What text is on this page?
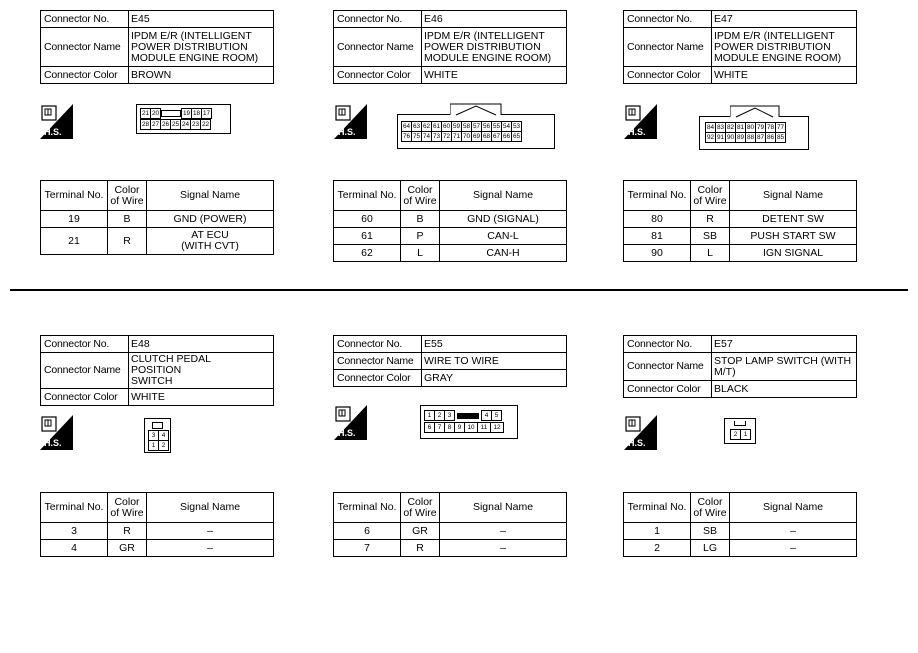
Connector No.	E45
Connector Name	IPDM E/R (INTELLIGENT POWER DISTRIBUTION MODULE ENGINE ROOM)
Connector Color	BROWN
H.S.
21	20		19	18	17
28	27	26	25	24	23	22
Terminal No.	Color of Wire	Signal Name
19	B	GND (POWER)
21	R	AT ECU (WITH CVT)
Connector No.	E46
Connector Name	IPDM E/R (INTELLIGENT POWER DISTRIBUTION MODULE ENGINE ROOM)
Connector Color	WHITE
H.S.
64	63	62	61	60	59	58	57	56	55	54	53
76	75	74	73	72	71	70	69	68	67	66	65
Terminal No.	Color of Wire	Signal Name
60	B	GND (SIGNAL)
61	P	CAN-L
62	L	CAN-H
Connector No.	E47
Connector Name	IPDM E/R (INTELLIGENT POWER DISTRIBUTION MODULE ENGINE ROOM)
Connector Color	WHITE
H.S.	84	83	82	81	80	79	78	77
92	91	90	89	88	87	86	85
Terminal No.	Color of Wire	Signal Name
80	R	DETENT SW
81	SB	PUSH START SW
90	L	IGN SIGNAL
Connector No.	E48
Connector Name	CLUTCH PEDAL POSITION SWITCH
Connector Color	WHITE
H.S.
3	4
1	2
Terminal No.	Color of Wire	Signal Name
3	R	–
4	GR	–
Connector No.	E55
Connector Name	WIRE TO WIRE
Connector Color	GRAY
H.S.
1	2	3		4	5
6	7	8	9	10	11	12
Terminal No.	Color of Wire	Signal Name
6	GR	–
7	R	–
Connector No.	E57
Connector Name	STOP LAMP SWITCH (WITH M/T)
Connector Color	BLACK
H.S.
2	1
Terminal No.	Color of Wire	Signal Name
1	SB	–
2	LG	–
